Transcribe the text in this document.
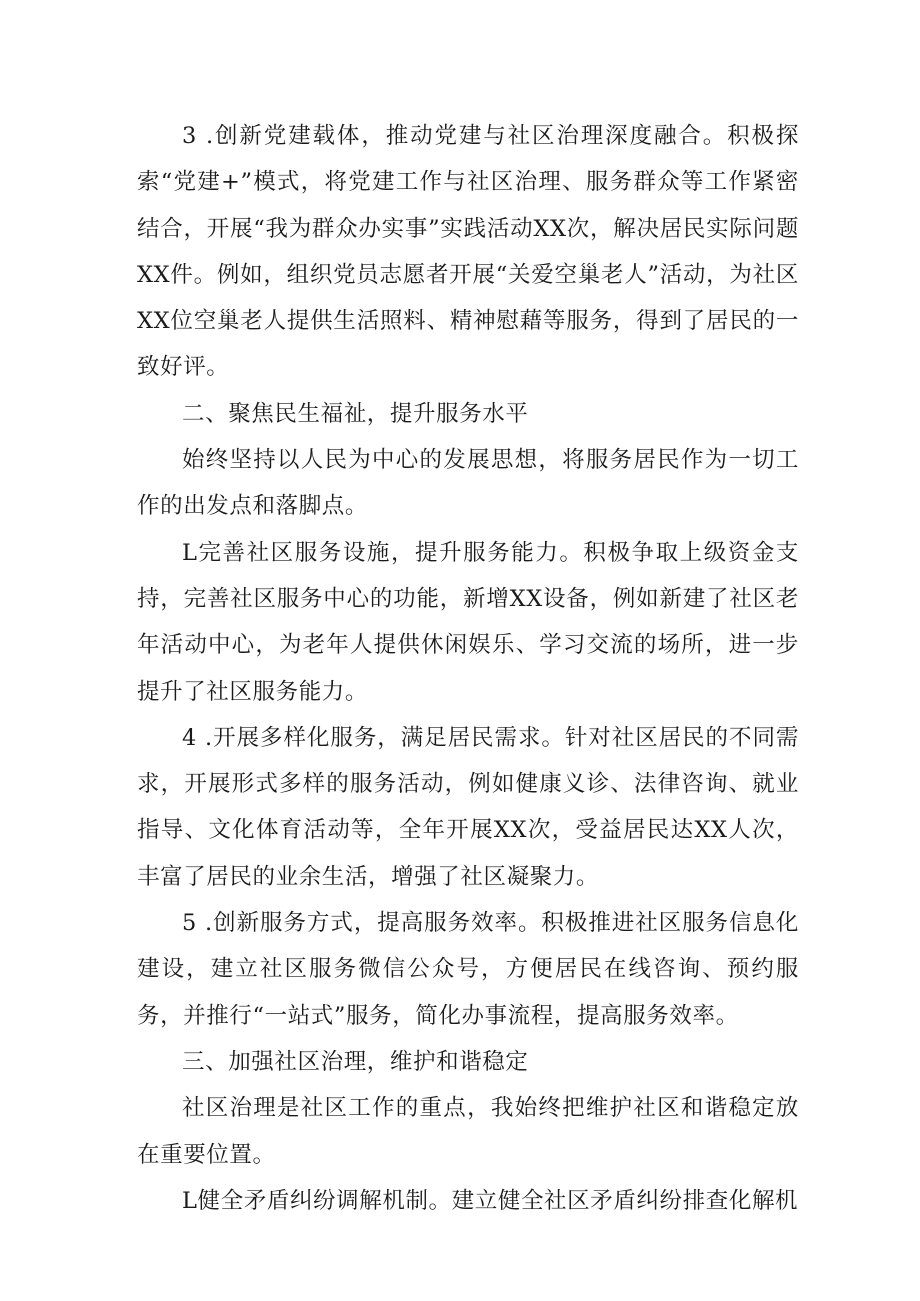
3 .创新党建载体，推动党建与社区治理深度融合。积极探索“党建+”模式，将党建工作与社区治理、服务群众等工作紧密结合，开展“我为群众办实事”实践活动XX次，解决居民实际问题XX件。例如，组织党员志愿者开展“关爱空巢老人”活动，为社区XX位空巢老人提供生活照料、精神慰藉等服务，得到了居民的一致好评。

二、聚焦民生福祉，提升服务水平

始终坚持以人民为中心的发展思想，将服务居民作为一切工作的出发点和落脚点。

L完善社区服务设施，提升服务能力。积极争取上级资金支持，完善社区服务中心的功能，新增XX设备，例如新建了社区老年活动中心，为老年人提供休闲娱乐、学习交流的场所，进一步提升了社区服务能力。

4 .开展多样化服务，满足居民需求。针对社区居民的不同需求，开展形式多样的服务活动，例如健康义诊、法律咨询、就业指导、文化体育活动等，全年开展XX次，受益居民达XX人次，丰富了居民的业余生活，增强了社区凝聚力。

5 .创新服务方式，提高服务效率。积极推进社区服务信息化建设，建立社区服务微信公众号，方便居民在线咨询、预约服务，并推行“一站式”服务，简化办事流程，提高服务效率。

三、加强社区治理，维护和谐稳定

社区治理是社区工作的重点，我始终把维护社区和谐稳定放在重要位置。

L健全矛盾纠纷调解机制。建立健全社区矛盾纠纷排查化解机
